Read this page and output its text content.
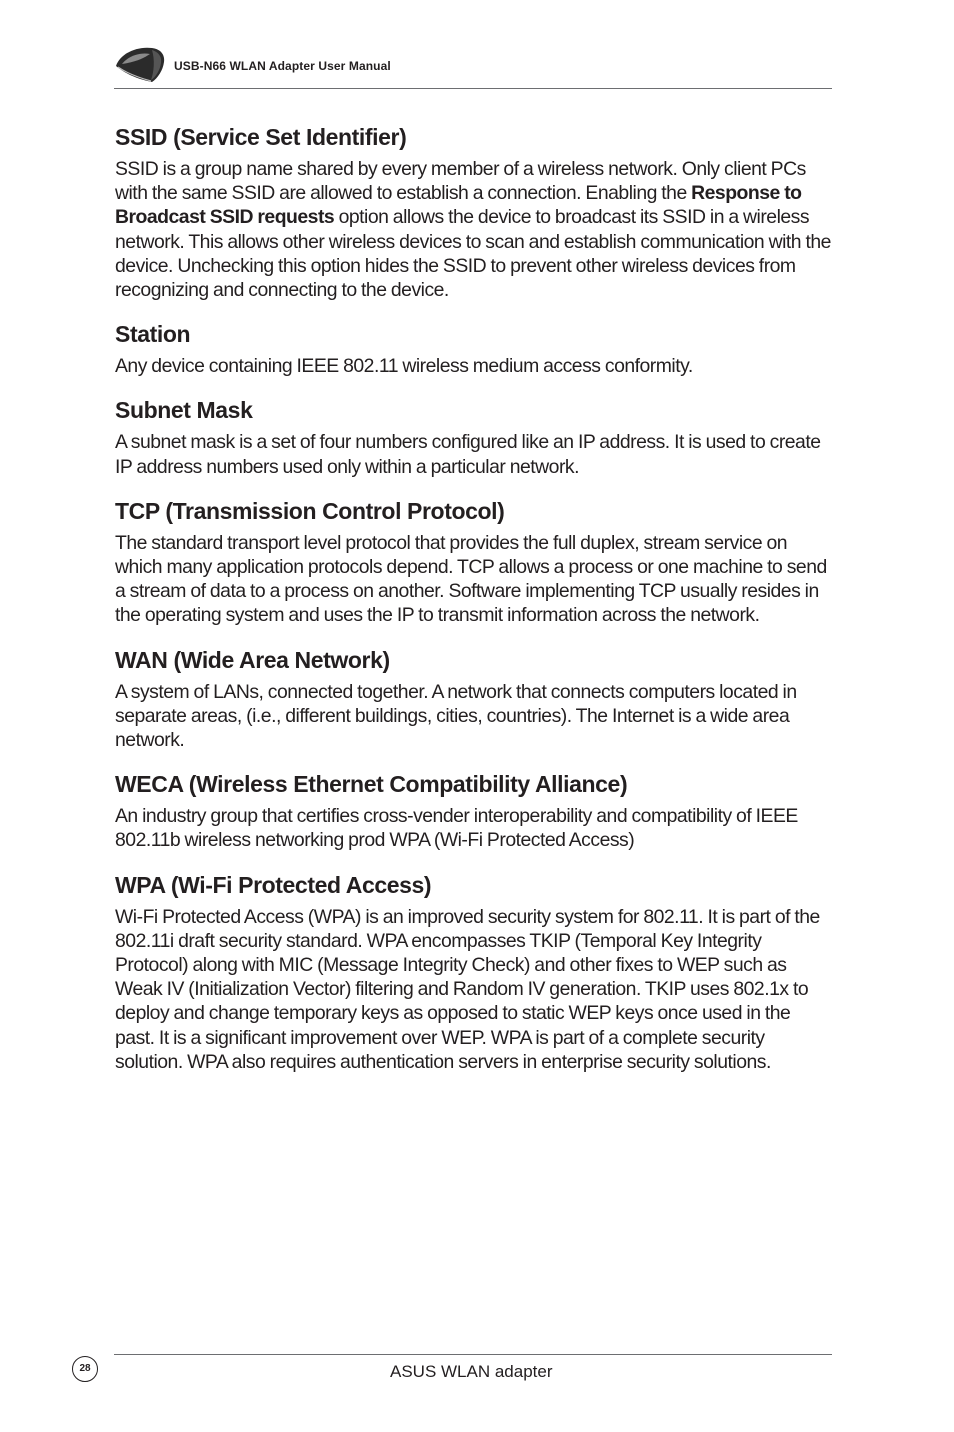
USB-N66 WLAN Adapter User Manual
SSID (Service Set Identifier)

SSID is a group name shared by every member of a wireless network. Only client PCs with the same SSID are allowed to establish a connection. Enabling the Response to Broadcast SSID requests option allows the device to broadcast its SSID in a wireless network. This allows other wireless devices to scan and establish communication with the device. Unchecking this option hides the SSID to prevent other wireless devices from recognizing and connecting to the device.

Station

Any device containing IEEE 802.11 wireless medium access conformity.

Subnet Mask

A subnet mask is a set of four numbers configured like an IP address. It is used to create IP address numbers used only within a particular network.

TCP (Transmission Control Protocol)

The standard transport level protocol that provides the full duplex, stream service on which many application protocols depend. TCP allows a process or one machine to send a stream of data to a process on another. Software implementing TCP usually resides in the operating system and uses the IP to transmit information across the network.

WAN (Wide Area Network)

A system of LANs, connected together. A network that connects computers located in separate areas, (i.e., different buildings, cities, countries). The Internet is a wide area network.

WECA (Wireless Ethernet Compatibility Alliance)

An industry group that certifies cross-vender interoperability and compatibility of IEEE 802.11b wireless networking prod WPA (Wi-Fi Protected Access)

WPA (Wi-Fi Protected Access)

Wi-Fi Protected Access (WPA) is an improved security system for 802.11. It is part of the 802.11i draft security standard. WPA encompasses TKIP (Temporal Key Integrity Protocol) along with MIC (Message Integrity Check) and other fixes to WEP such as Weak IV (Initialization Vector) filtering and Random IV generation. TKIP uses 802.1x to deploy and change temporary keys as opposed to static WEP keys once used in the past. It is a significant improvement over WEP. WPA is part of a complete security solution. WPA also requires authentication servers in enterprise security solutions.

28	ASUS WLAN adapter
